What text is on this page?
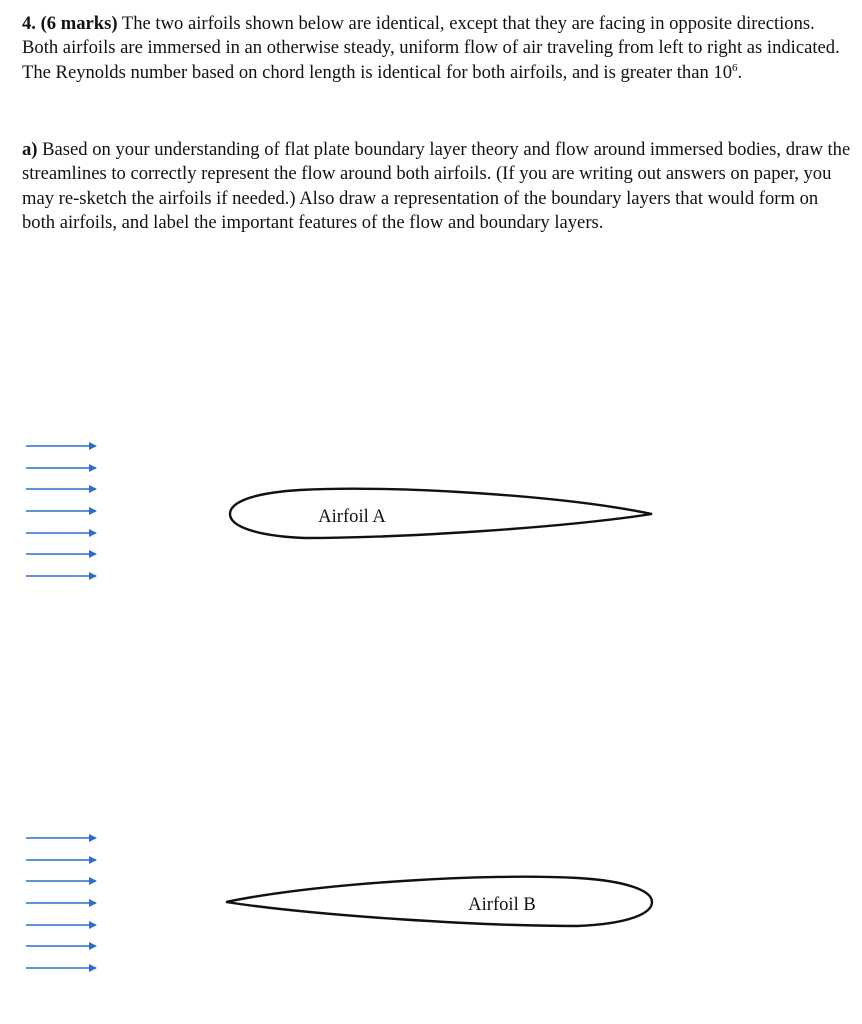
4. (6 marks) The two airfoils shown below are identical, except that they are facing in opposite directions. Both airfoils are immersed in an otherwise steady, uniform flow of air traveling from left to right as indicated. The Reynolds number based on chord length is identical for both airfoils, and is greater than $10^6$.

a) Based on your understanding of flat plate boundary layer theory and flow around immersed bodies, draw the streamlines to correctly represent the flow around both airfoils. (If you are writing out answers on paper, you may re-sketch the airfoils if needed.) Also draw a representation of the boundary layers that would form on both airfoils, and label the important features of the flow and boundary layers.

Airfoil A
Airfoil B
